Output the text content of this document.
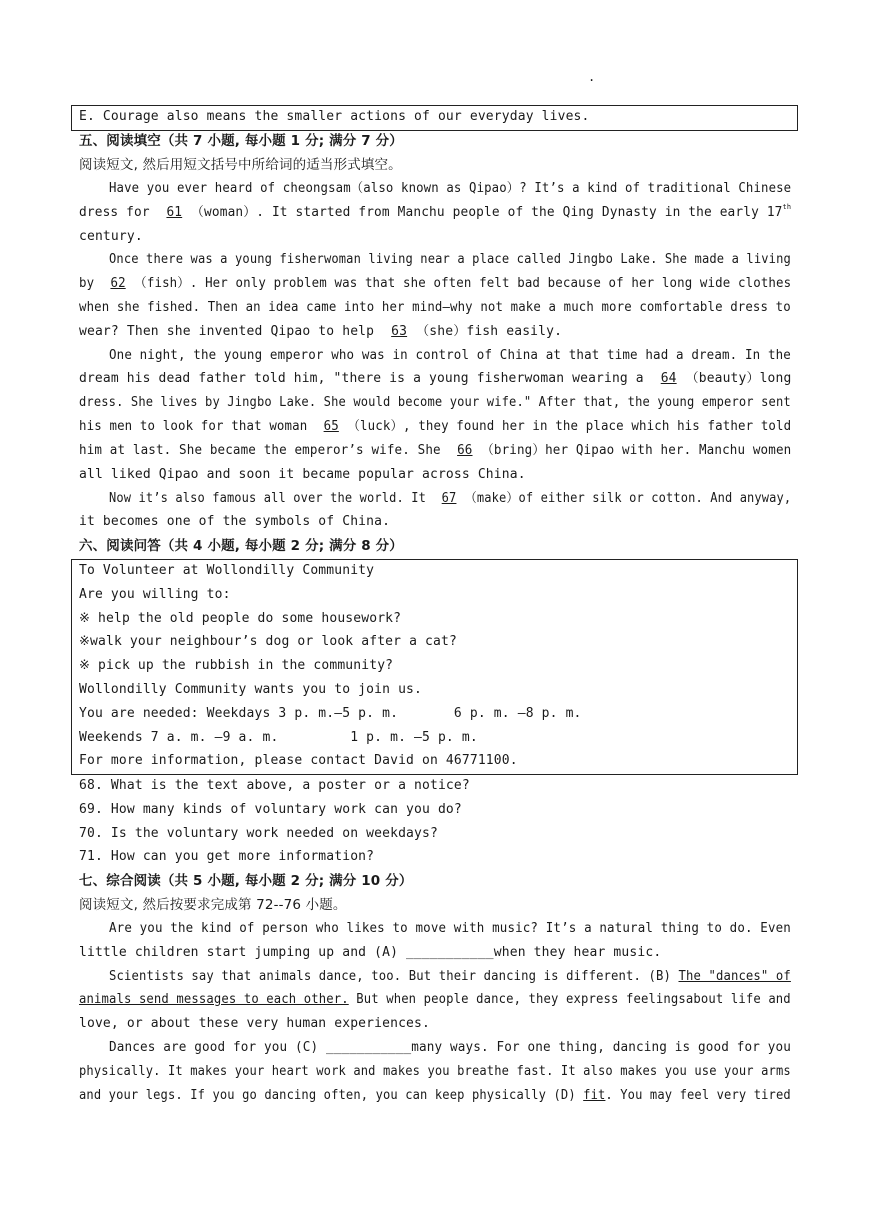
.
E. Courage also means the smaller actions of our everyday lives.
五、阅读填空（共 7 小题, 每小题 1 分; 满分 7 分）
阅读短文, 然后用短文括号中所给词的适当形式填空。
Have you ever heard of cheongsam（also known as Qipao）? It’s a kind of traditional Chinese
dress for 61 （woman）. It started from Manchu people of the Qing Dynasty in the early 17th
century.
Once there was a young fisherwoman living near a place called Jingbo Lake. She made a living
by 62 （fish）. Her only problem was that she often felt bad because of her long wide clothes
when she fished. Then an idea came into her mind—why not make a much more comfortable dress to
wear? Then she invented Qipao to help 63 （she）fish easily.
One night, the young emperor who was in control of China at that time had a dream. In the
dream his dead father told him, "there is a young fisherwoman wearing a 64 （beauty）long
dress. She lives by Jingbo Lake. She would become your wife." After that, the young emperor sent
his men to look for that woman 65 （luck）, they found her in the place which his father told
him at last. She became the emperor’s wife. She 66 （bring）her Qipao with her. Manchu women
all liked Qipao and soon it became popular across China.
Now it’s also famous all over the world. It 67 （make）of either silk or cotton. And anyway,
it becomes one of the symbols of China.
六、阅读问答（共 4 小题, 每小题 2 分; 满分 8 分）
To Volunteer at Wollondilly Community
Are you willing to:
※ help the old people do some housework?
※walk your neighbour’s dog or look after a cat?
※ pick up the rubbish in the community?
Wollondilly Community wants you to join us.
You are needed: Weekdays 3 p. m.—5 p. m.       6 p. m. —8 p. m.
Weekends 7 a. m. —9 a. m.         1 p. m. —5 p. m.
For more information, please contact David on 46771100.
68. What is the text above, a poster or a notice?
69. How many kinds of voluntary work can you do?
70. Is the voluntary work needed on weekdays?
71. How can you get more information?
七、综合阅读（共 5 小题, 每小题 2 分; 满分 10 分）
阅读短文, 然后按要求完成第 72--76 小题。
Are you the kind of person who likes to move with music? It’s a natural thing to do. Even
little children start jumping up and (A) ___________when they hear music.
Scientists say that animals dance, too. But their dancing is different. (B) The "dances" of
animals send messages to each other. But when people dance, they express feelingsabout life and
love, or about these very human experiences.
Dances are good for you (C) ___________many ways. For one thing, dancing is good for you
physically. It makes your heart work and makes you breathe fast. It also makes you use your arms
and your legs. If you go dancing often, you can keep physically (D) fit. You may feel very tired
